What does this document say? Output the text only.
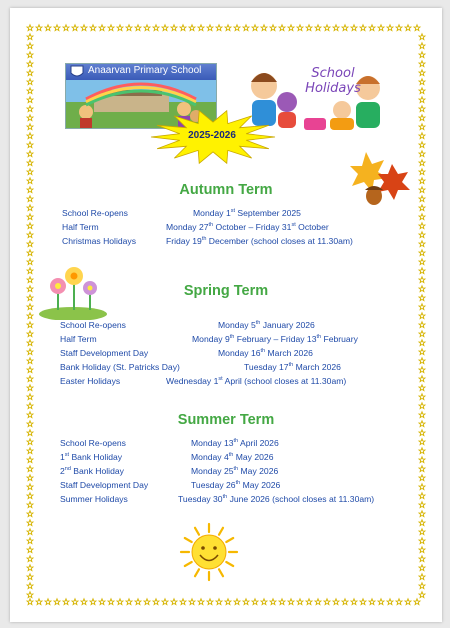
Anaarvan Primary School	School Holidays
2025-2026
Autumn Term
School Re-opens	Monday 1st September 2025
Half Term	Monday 27th October – Friday 31st October
Christmas Holidays	Friday 19th December (school closes at 11.30am)
Spring Term
School Re-opens	Monday 5th January 2026
Half Term	Monday 9th February – Friday 13th February
Staff Development Day	Monday 16th March 2026
Bank Holiday (St. Patricks Day)	Tuesday 17th March 2026
Easter Holidays	Wednesday 1st April (school closes at 11.30am)
Summer Term
School Re-opens	Monday 13th April 2026
1st Bank Holiday	Monday 4th May 2026
2nd Bank Holiday	Monday 25th May 2026
Staff Development Day	Tuesday 26th May 2026
Summer Holidays	Tuesday 30th June 2026 (school closes at 11.30am)
